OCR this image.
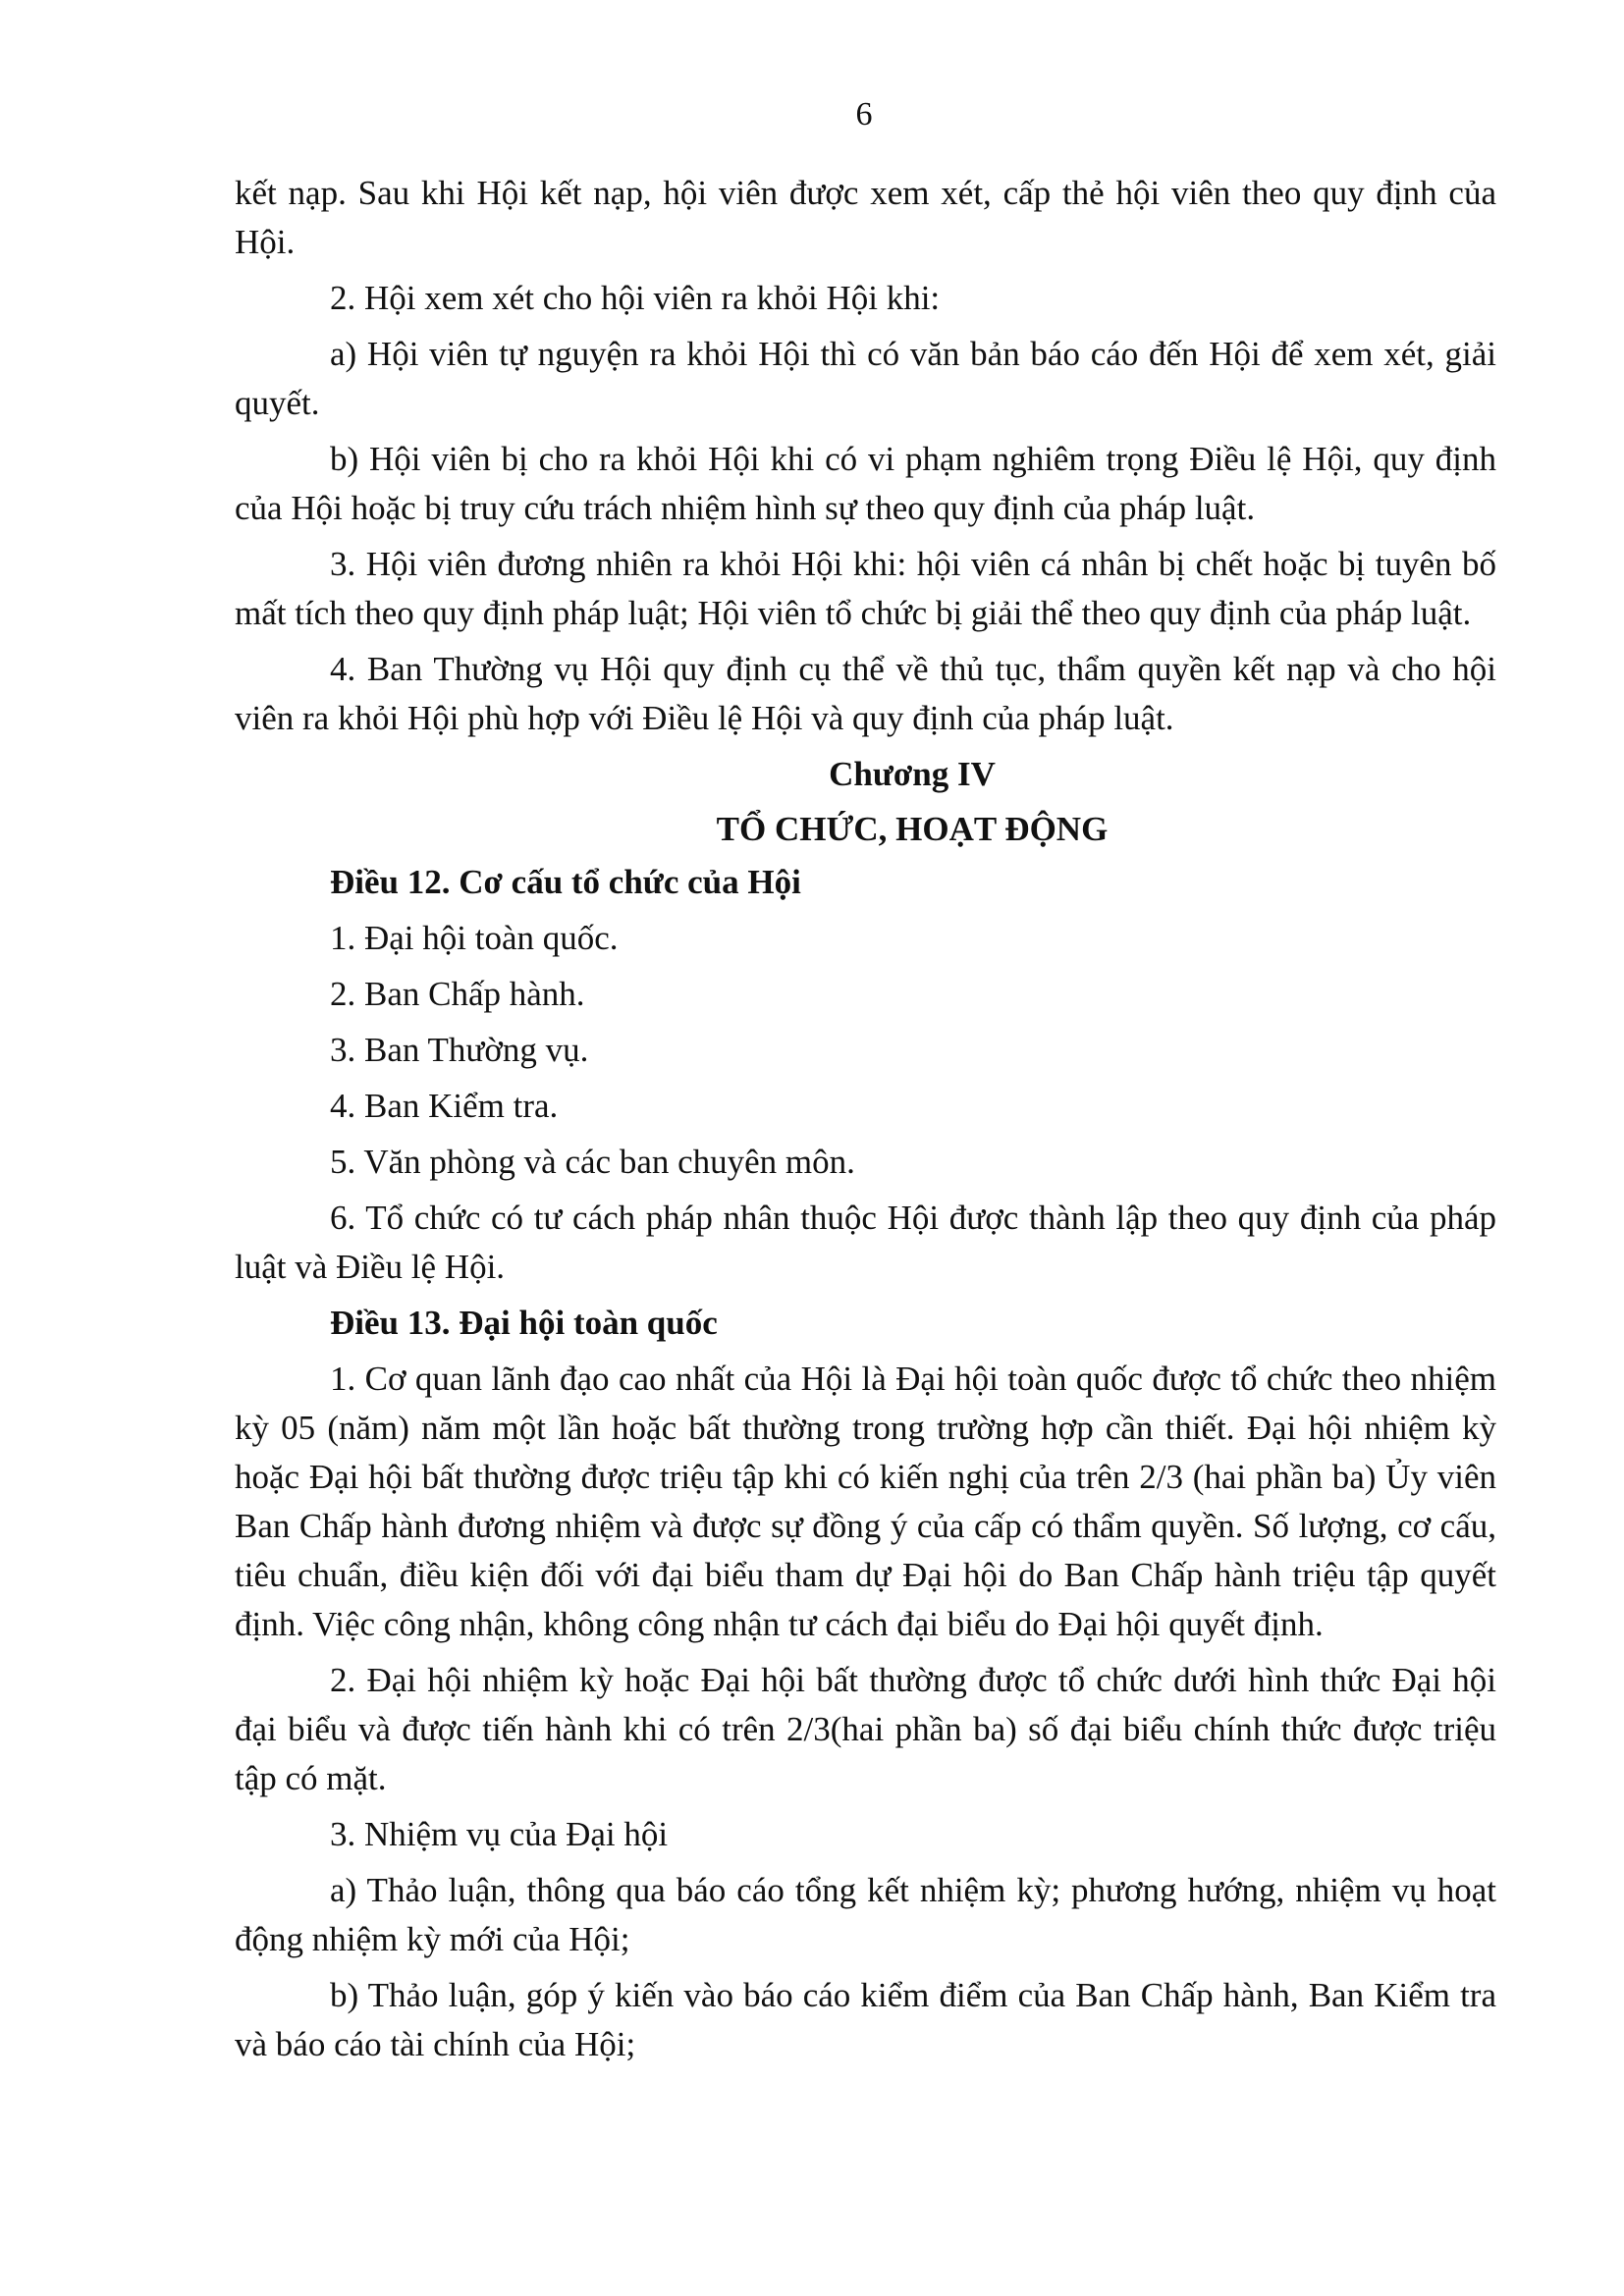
6

kết nạp. Sau khi Hội kết nạp, hội viên được xem xét, cấp thẻ hội viên theo quy định của Hội.

2. Hội xem xét cho hội viên ra khỏi Hội khi:

a) Hội viên tự nguyện ra khỏi Hội thì có văn bản báo cáo đến Hội để xem xét, giải quyết.

b) Hội viên bị cho ra khỏi Hội khi có vi phạm nghiêm trọng Điều lệ Hội, quy định của Hội hoặc bị truy cứu trách nhiệm hình sự theo quy định của pháp luật.

3. Hội viên đương nhiên ra khỏi Hội khi: hội viên cá nhân bị chết hoặc bị tuyên bố mất tích theo quy định pháp luật; Hội viên tổ chức bị giải thể theo quy định của pháp luật.

4. Ban Thường vụ Hội quy định cụ thể về thủ tục, thẩm quyền kết nạp và cho hội viên ra khỏi Hội phù hợp với Điều lệ Hội và quy định của pháp luật.

Chương IV

TỔ CHỨC, HOẠT ĐỘNG

Điều 12. Cơ cấu tổ chức của Hội

1. Đại hội toàn quốc.

2. Ban Chấp hành.

3. Ban Thường vụ.

4. Ban Kiểm tra.

5. Văn phòng và các ban chuyên môn.

6. Tổ chức có tư cách pháp nhân thuộc Hội được thành lập theo quy định của pháp luật và Điều lệ Hội.

Điều 13. Đại hội toàn quốc

1. Cơ quan lãnh đạo cao nhất của Hội là Đại hội toàn quốc được tổ chức theo nhiệm kỳ 05 (năm) năm một lần hoặc bất thường trong trường hợp cần thiết. Đại hội nhiệm kỳ hoặc Đại hội bất thường được triệu tập khi có kiến nghị của trên 2/3 (hai phần ba) Ủy viên Ban Chấp hành đương nhiệm và được sự đồng ý của cấp có thẩm quyền. Số lượng, cơ cấu, tiêu chuẩn, điều kiện đối với đại biểu tham dự Đại hội do Ban Chấp hành triệu tập quyết định. Việc công nhận, không công nhận tư cách đại biểu do Đại hội quyết định.

2. Đại hội nhiệm kỳ hoặc Đại hội bất thường được tổ chức dưới hình thức Đại hội đại biểu và được tiến hành khi có trên 2/3(hai phần ba) số đại biểu chính thức được triệu tập có mặt.

3. Nhiệm vụ của Đại hội

a) Thảo luận, thông qua báo cáo tổng kết nhiệm kỳ; phương hướng, nhiệm vụ hoạt động nhiệm kỳ mới của Hội;

b) Thảo luận, góp ý kiến vào báo cáo kiểm điểm của Ban Chấp hành, Ban Kiểm tra và báo cáo tài chính của Hội;
